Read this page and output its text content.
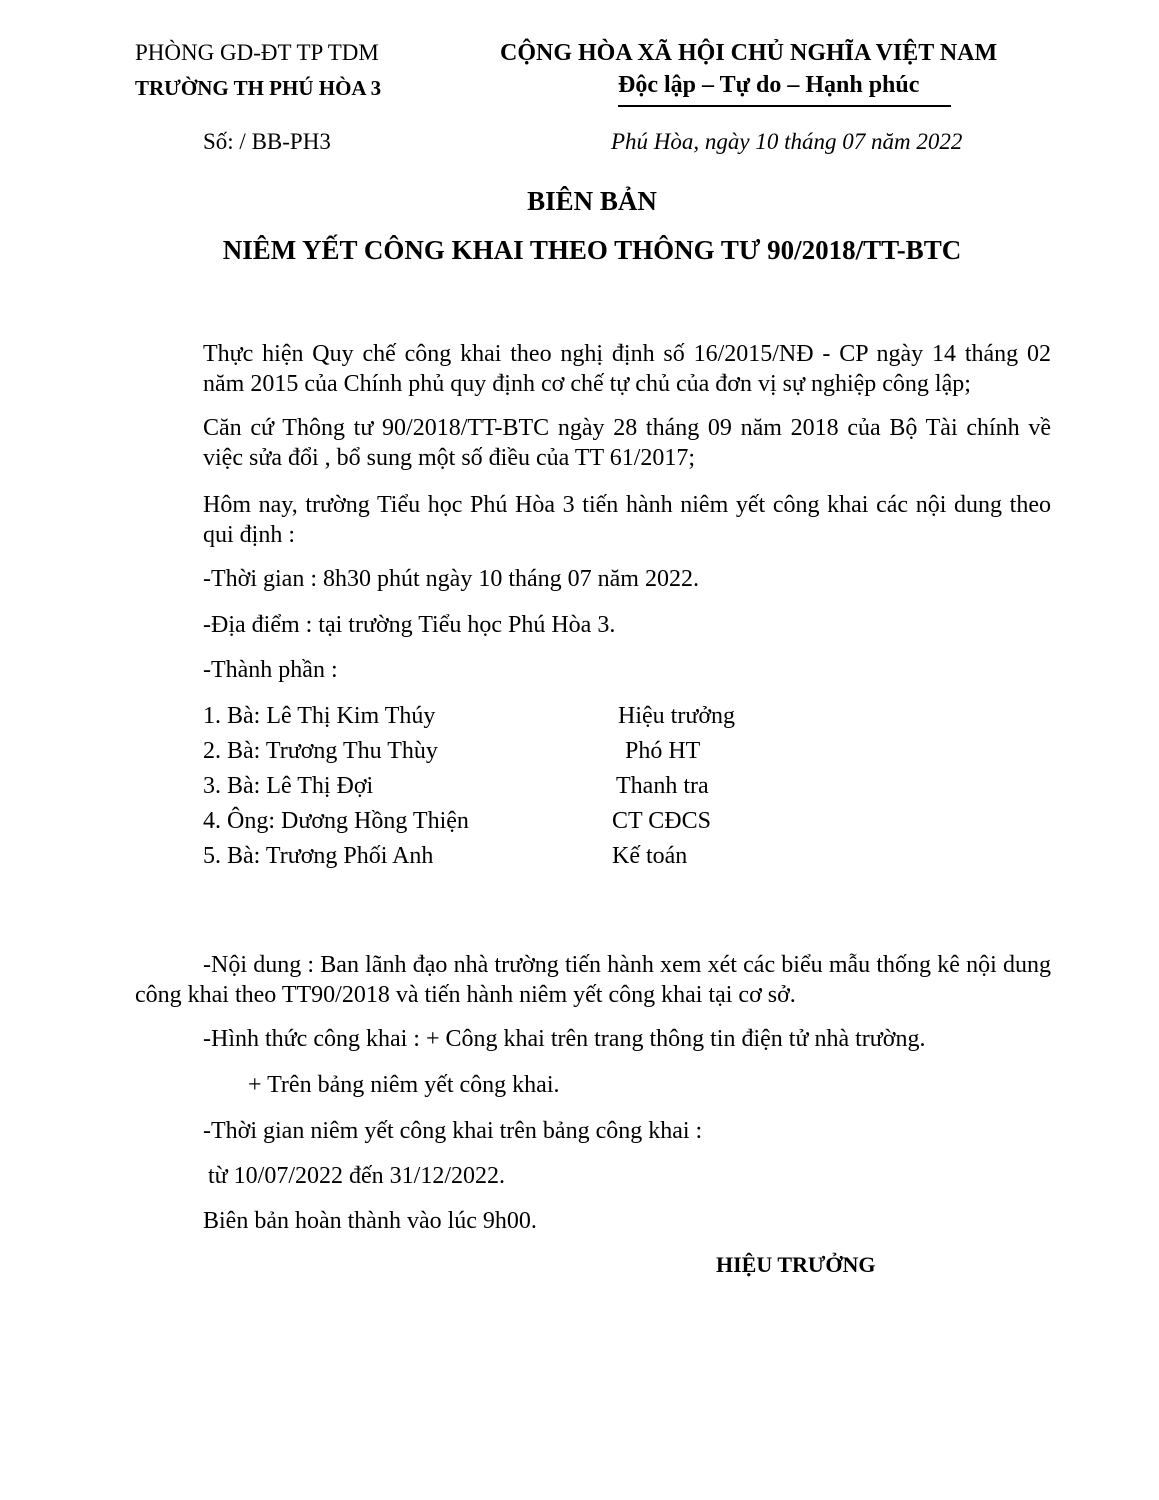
PHÒNG GD-ĐT TP TDM
TRƯỜNG TH PHÚ HÒA 3
CỘNG HÒA XÃ HỘI CHỦ NGHĨA VIỆT NAM
Độc lập – Tự do – Hạnh phúc
Số: / BB-PH3	Phú Hòa, ngày 10 tháng 07 năm 2022
BIÊN BẢN
NIÊM YẾT CÔNG KHAI THEO THÔNG TƯ 90/2018/TT-BTC
Thực hiện Quy chế công khai theo nghị định số 16/2015/NĐ - CP ngày 14 tháng 02 năm 2015 của Chính phủ quy định cơ chế tự chủ của đơn vị sự nghiệp công lập;
Căn cứ Thông tư 90/2018/TT-BTC ngày 28 tháng 09 năm 2018 của Bộ Tài chính về việc sửa đổi , bổ sung một số điều của TT 61/2017;
Hôm nay, trường Tiểu học Phú Hòa 3 tiến hành niêm yết công khai các nội dung theo qui định :
-Thời gian : 8h30 phút ngày 10 tháng 07 năm 2022.
-Địa điểm : tại trường Tiểu học Phú Hòa 3.
-Thành phần :
1. Bà: Lê Thị Kim Thúy	Hiệu trưởng
2. Bà: Trương Thu Thùy	Phó HT
3. Bà: Lê Thị Đợi	Thanh tra
4. Ông: Dương Hồng Thiện	CT CĐCS
5. Bà: Trương Phối Anh	Kế toán
-Nội dung : Ban lãnh đạo nhà trường tiến hành xem xét các biểu mẫu thống kê nội dung công khai theo TT90/2018 và tiến hành niêm yết công khai tại cơ sở.
-Hình thức công khai : + Công khai trên trang thông tin điện tử nhà trường.
+ Trên bảng niêm yết công khai.
-Thời gian niêm yết công khai trên bảng công khai :
từ 10/07/2022 đến 31/12/2022.
Biên bản hoàn thành vào lúc 9h00.
HIỆU TRƯỞNG
